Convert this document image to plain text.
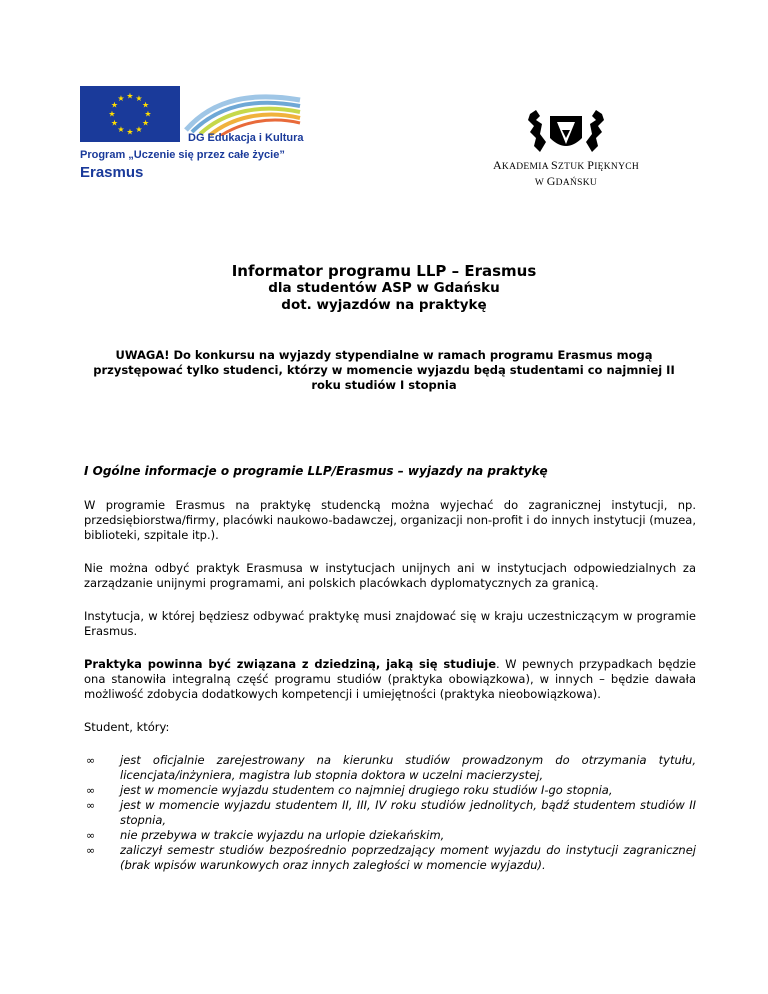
★ ★
★
★
★
★
★
★
★
★
★
★
DG Edukacja i Kultura
Program „Uczenie się przez całe życie”
Erasmus	AKADEMIA SZTUK PIĘKNYCH
W GDAŃSKU
Informator programu LLP – Erasmus
dla studentów ASP w Gdańsku
dot. wyjazdów na praktykę
UWAGA! Do konkursu na wyjazdy stypendialne w ramach programu Erasmus mogą przystępować tylko studenci, którzy w momencie wyjazdu będą studentami co najmniej II roku studiów I stopnia
I Ogólne informacje o programie LLP/Erasmus – wyjazdy na praktykę

W programie Erasmus na praktykę studencką można wyjechać do zagranicznej instytucji, np. przedsiębiorstwa/firmy, placówki naukowo-badawczej, organizacji non-profit i do innych instytucji (muzea, biblioteki, szpitale itp.).

Nie można odbyć praktyk Erasmusa w instytucjach unijnych ani w instytucjach odpowiedzialnych za zarządzanie unijnymi programami, ani polskich placówkach dyplomatycznych za granicą.

Instytucja, w której będziesz odbywać praktykę musi znajdować się w kraju uczestniczącym w programie Erasmus.

Praktyka powinna być związana z dziedziną, jaką się studiuje. W pewnych przypadkach będzie ona stanowiła integralną część programu studiów (praktyka obowiązkowa), w innych – będzie dawała możliwość zdobycia dodatkowych kompetencji i umiejętności (praktyka nieobowiązkowa).

Student, który:

∞ jest oficjalnie zarejestrowany na kierunku studiów prowadzonym do otrzymania tytułu, licencjata/inżyniera, magistra lub stopnia doktora w uczelni macierzystej,
∞ jest w momencie wyjazdu studentem co najmniej drugiego roku studiów I-go stopnia,
∞ jest w momencie wyjazdu studentem II, III, IV roku studiów jednolitych, bądź studentem studiów II stopnia,
∞ nie przebywa w trakcie wyjazdu na urlopie dziekańskim,
∞ zaliczył semestr studiów bezpośrednio poprzedzający moment wyjazdu do instytucji zagranicznej (brak wpisów warunkowych oraz innych zaległości w momencie wyjazdu).
